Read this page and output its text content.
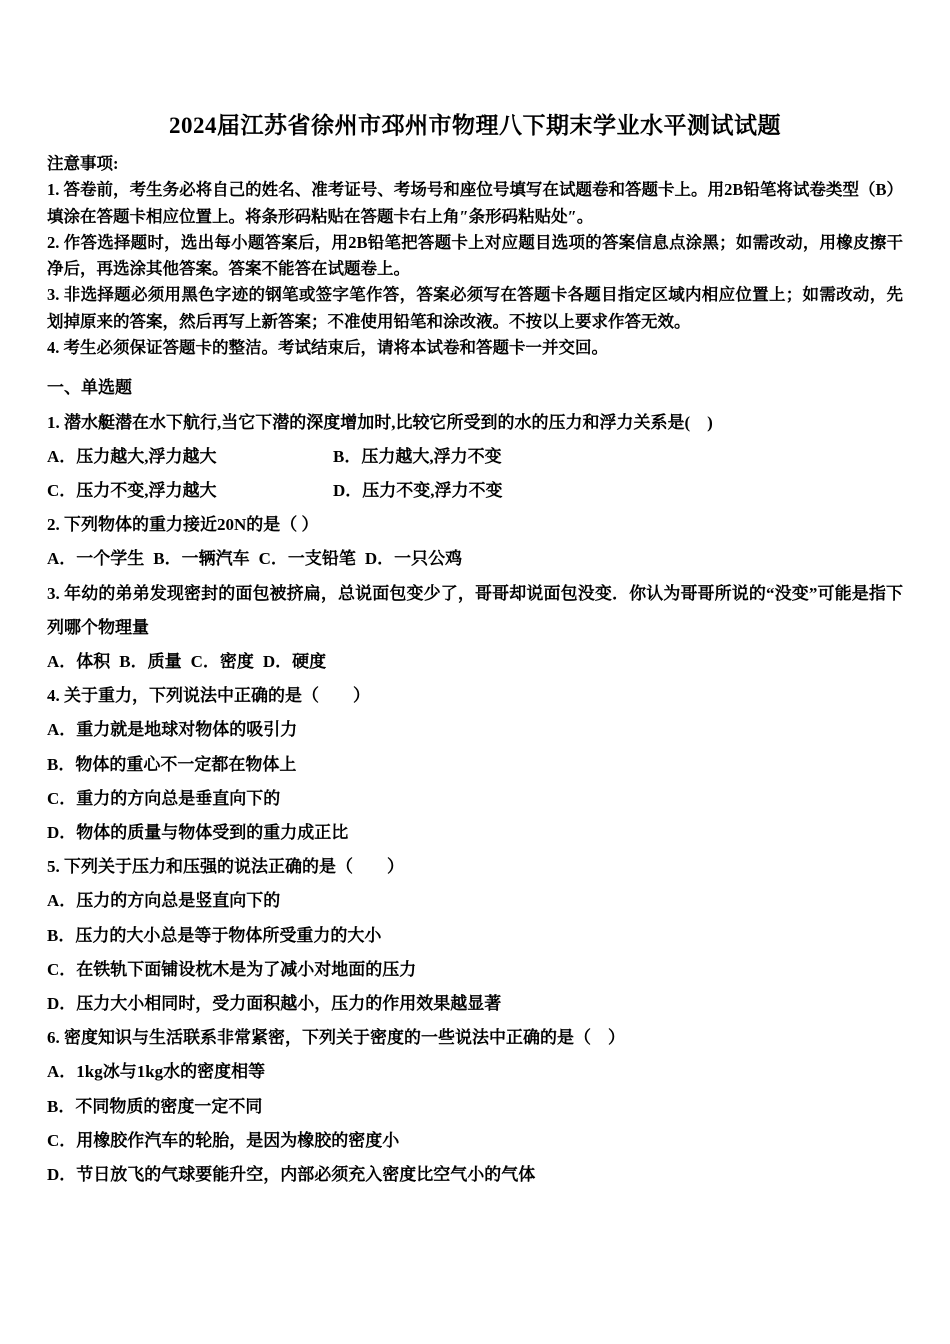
2024届江苏省徐州市邳州市物理八下期末学业水平测试试题

注意事项:

1. 答卷前，考生务必将自己的姓名、准考证号、考场号和座位号填写在试题卷和答题卡上。用2B铅笔将试卷类型（B）填涂在答题卡相应位置上。将条形码粘贴在答题卡右上角″条形码粘贴处″。

2. 作答选择题时，选出每小题答案后，用2B铅笔把答题卡上对应题目选项的答案信息点涂黑；如需改动，用橡皮擦干净后，再选涂其他答案。答案不能答在试题卷上。

3. 非选择题必须用黑色字迹的钢笔或签字笔作答，答案必须写在答题卡各题目指定区域内相应位置上；如需改动，先划掉原来的答案，然后再写上新答案；不准使用铅笔和涂改液。不按以上要求作答无效。

4. 考生必须保证答题卡的整洁。考试结束后，请将本试卷和答题卡一并交回。

一、单选题

1. 潜水艇潜在水下航行,当它下潜的深度增加时,比较它所受到的水的压力和浮力关系是(　)

A．压力越大,浮力越大	B．压力越大,浮力不变

C．压力不变,浮力越大	D．压力不变,浮力不变

2. 下列物体的重力接近20N的是（ ）

A．一个学生 B．一辆汽车 C．一支铅笔 D．一只公鸡

3. 年幼的弟弟发现密封的面包被挤扁，总说面包变少了，哥哥却说面包没变．你认为哥哥所说的“没变”可能是指下列哪个物理量

A．体积 B．质量 C．密度 D．硬度

4. 关于重力，下列说法中正确的是（　　）

A．重力就是地球对物体的吸引力

B．物体的重心不一定都在物体上

C．重力的方向总是垂直向下的

D．物体的质量与物体受到的重力成正比

5. 下列关于压力和压强的说法正确的是（　　）

A．压力的方向总是竖直向下的

B．压力的大小总是等于物体所受重力的大小

C．在铁轨下面铺设枕木是为了减小对地面的压力

D．压力大小相同时，受力面积越小，压力的作用效果越显著

6. 密度知识与生活联系非常紧密，下列关于密度的一些说法中正确的是（　）

A．1kg冰与1kg水的密度相等

B．不同物质的密度一定不同

C．用橡胶作汽车的轮胎，是因为橡胶的密度小

D．节日放飞的气球要能升空，内部必须充入密度比空气小的气体
